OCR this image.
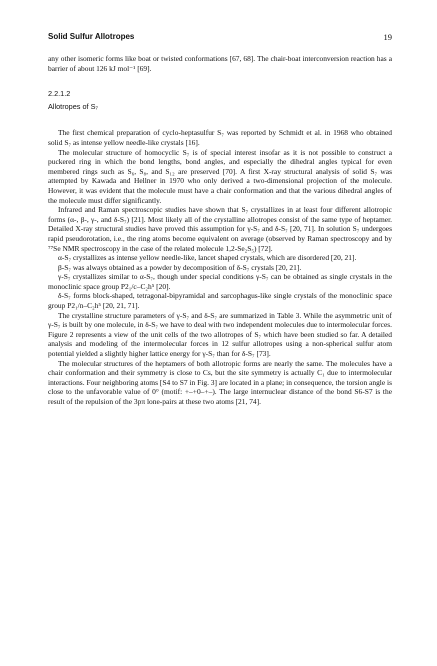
Solid Sulfur Allotropes	19

any other isomeric forms like boat or twisted conformations [67, 68]. The chair-boat interconversion reaction has a barrier of about 126 kJ mol⁻¹ [69].

2.2.1.2
Allotropes of S₇

The first chemical preparation of cyclo-heptasulfur S₇ was reported by Schmidt et al. in 1968 who obtained solid S₇ as intense yellow needle-like crystals [16].

The molecular structure of homocyclic S₇ is of special interest insofar as it is not possible to construct a puckered ring in which the bond lengths, bond angles, and especially the dihedral angles typical for even membered rings such as S₆, S₈, and S₁₂ are preserved [70]. A first X-ray structural analysis of solid S₇ was attempted by Kawada and Hellner in 1970 who only derived a two-dimensional projection of the molecule. However, it was evident that the molecule must have a chair conformation and that the various dihedral angles of the molecule must differ significantly.

Infrared and Raman spectroscopic studies have shown that S₇ crystallizes in at least four different allotropic forms (α-, β-, γ-, and δ-S₇) [21]. Most likely all of the crystalline allotropes consist of the same type of heptamer. Detailed X-ray structural studies have proved this assumption for γ-S₇ and δ-S₇ [20, 71]. In solution S₇ undergoes rapid pseudorotation, i.e., the ring atoms become equivalent on average (observed by Raman spectroscopy and by ⁷⁷Se NMR spectroscopy in the case of the related molecule 1,2-Se₂S₅) [72].

α-S₇ crystallizes as intense yellow needle-like, lancet shaped crystals, which are disordered [20, 21].

β-S₇ was always obtained as a powder by decomposition of δ-S₇ crystals [20, 21].

γ-S₇ crystallizes similar to α-S₇, though under special conditions γ-S₇ can be obtained as single crystals in the monoclinic space group P2₁/c–C₂h⁵ [20].

δ-S₇ forms block-shaped, tetragonal-bipyramidal and sarcophagus-like single crystals of the monoclinic space group P2₁/n–C₂h⁵ [20, 21, 71].

The crystalline structure parameters of γ-S₇ and δ-S₇ are summarized in Table 3. While the asymmetric unit of γ-S₇ is built by one molecule, in δ-S₇ we have to deal with two independent molecules due to intermolecular forces. Figure 2 represents a view of the unit cells of the two allotropes of S₇ which have been studied so far. A detailed analysis and modeling of the intermolecular forces in 12 sulfur allotropes using a non-spherical sulfur atom potential yielded a slightly higher lattice energy for γ-S₇ than for δ-S₇ [73].

The molecular structures of the heptamers of both allotropic forms are nearly the same. The molecules have a chair conformation and their symmetry is close to Cs, but the site symmetry is actually C₁ due to intermolecular interactions. Four neighboring atoms [S4 to S7 in Fig. 3] are located in a plane; in consequence, the torsion angle is close to the unfavorable value of 0° (motif: +–+0–+–). The large internuclear distance of the bond S6-S7 is the result of the repulsion of the 3pπ lone-pairs at these two atoms [21, 74].
